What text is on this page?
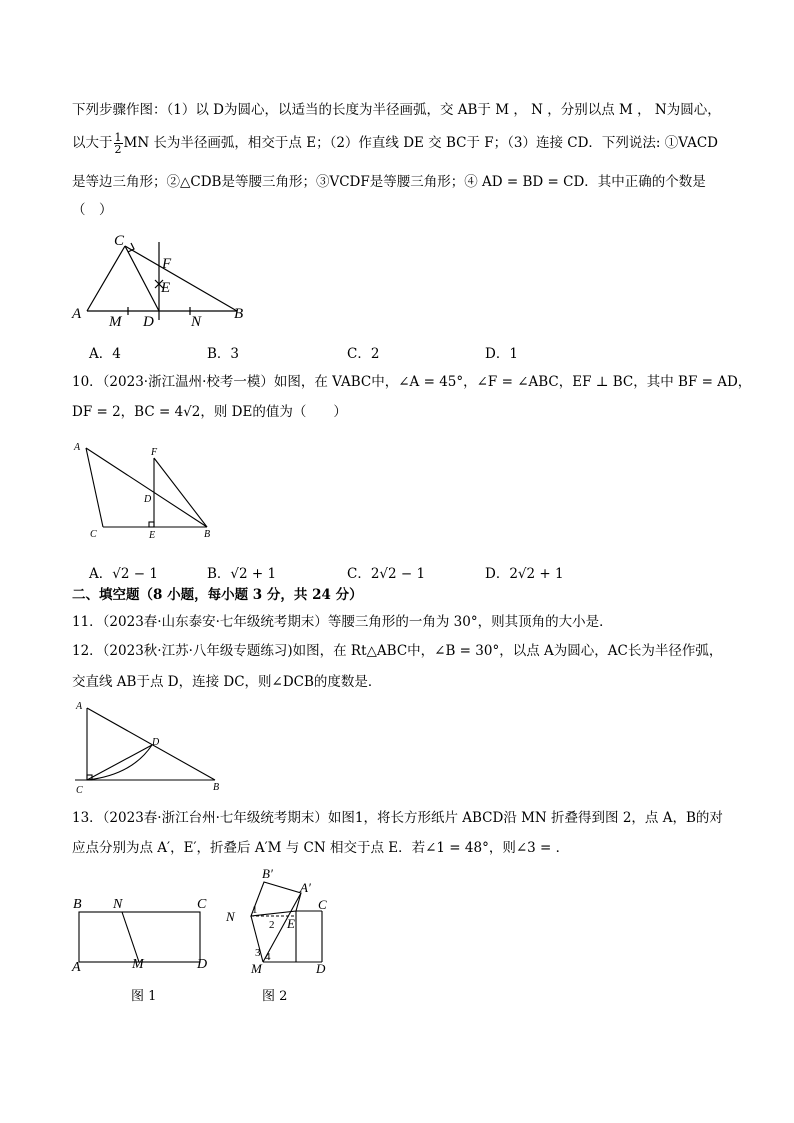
下列步骤作图：（1）以 D为圆心，以适当的长度为半径画弧，交 AB于 M ， N ，分别以点 M ， N为圆心，
以大于 $\frac{1}{2}$ MN 长为半径画弧，相交于点 E；（2）作直线 DE 交 BC于 F；（3）连接 CD．下列说法: ①VACD
是等边三角形；②△CDB是等腰三角形；③VCDF是等腰三角形；④ AD = BD = CD．其中正确的个数是
（　）
C
F
E
A M D N B
A．4	B．3	C．2	D．1
10．（2023·浙江温州·校考一模）如图，在 VABC中，∠A = 45°，∠F = ∠ABC，EF ⊥ BC，其中 BF = AD，
DF = 2，BC = 4√2，则 DE的值为（　　）
A	F
D
C	E	B
A．√2 − 1	B．√2 + 1	C．2√2 − 1	D．2√2 + 1
二、填空题（8 小题，每小题 3 分，共 24 分）
11．（2023春·山东泰安·七年级统考期末）等腰三角形的一角为 30°，则其顶角的大小是．
12．（2023秋·江苏·八年级专题练习)如图，在 Rt△ABC中，∠B = 30°，以点 A为圆心，AC长为半径作弧，
交直线 AB于点 D，连接 DC，则∠DCB的度数是．
A
D
C	B
13．（2023春·浙江台州·七年级统考期末）如图1，将长方形纸片 ABCD沿 MN 折叠得到图 2，点 A，B的对
应点分别为点 A′，E′，折叠后 A′M 与 CN 相交于点 E．若∠1 = 48°，则∠3 = ．
B N	C
A	M	D
图 1
B′
N
A′
C
E
M	D
1
2
3 4
图 2
